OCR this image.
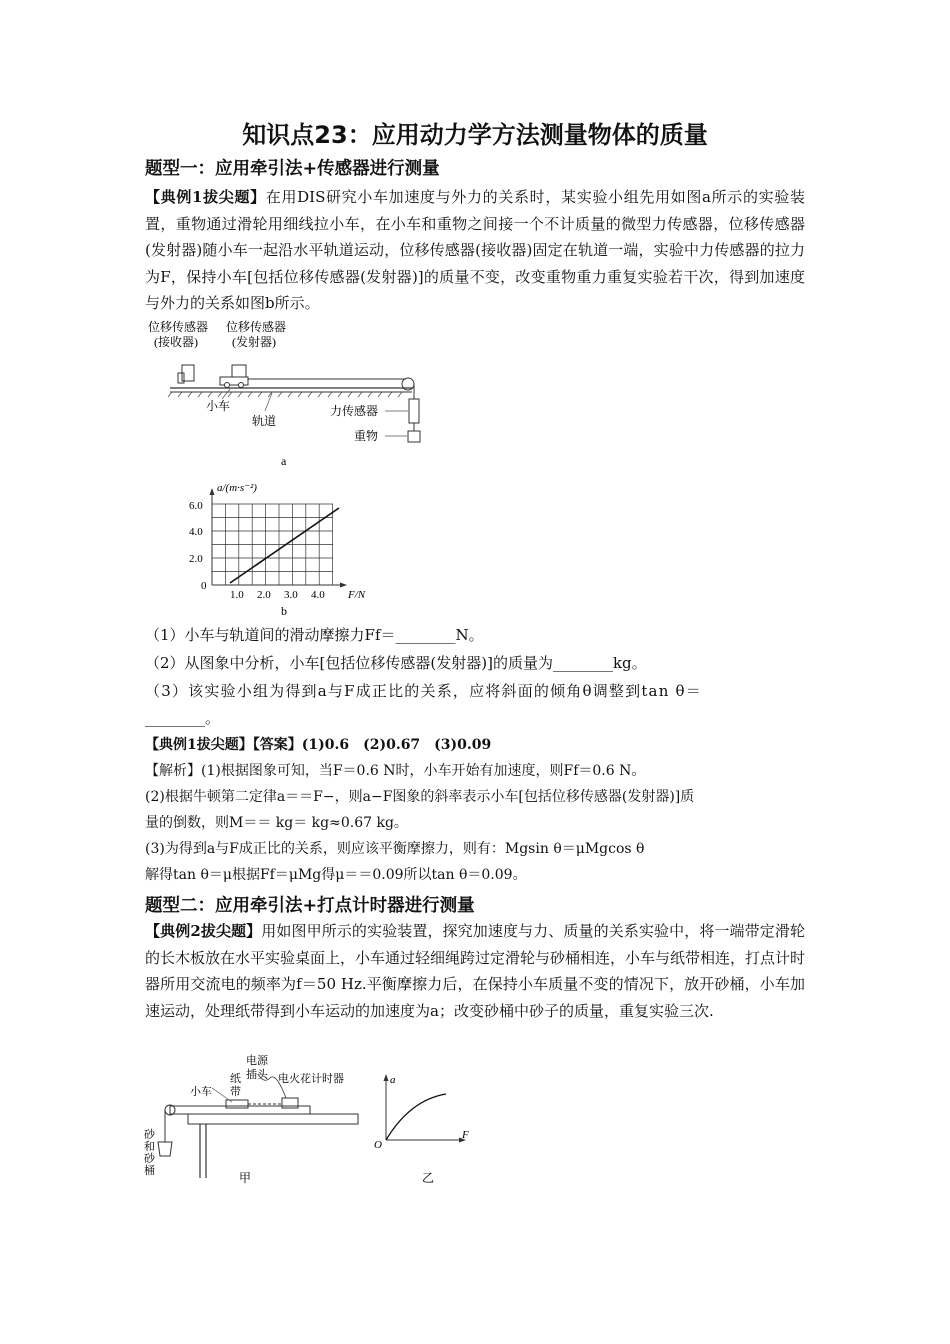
知识点23：应用动力学方法测量物体的质量
题型一：应用牵引法+传感器进行测量
【典例1拔尖题】在用DIS研究小车加速度与外力的关系时，某实验小组先用如图a所示的实验装置，重物通过滑轮用细线拉小车，在小车和重物之间接一个不计质量的微型力传感器，位移传感器(发射器)随小车一起沿水平轨道运动，位移传感器(接收器)固定在轨道一端，实验中力传感器的拉力为F，保持小车[包括位移传感器(发射器)]的质量不变，改变重物重力重复实验若干次，得到加速度与外力的关系如图b所示。
位移传感器
(接收器)
位移传感器
(发射器)
小车
轨道
力传感器
重物
a
a/(m·s⁻²)
6.0
4.0
2.0
0
1.0 2.0 3.0 4.0 F/N
b
（1）小车与轨道间的滑动摩擦力Ff＝________N。
（2）从图象中分析，小车[包括位移传感器(发射器)]的质量为________kg。
（3）该实验小组为得到a与F成正比的关系，应将斜面的倾角θ调整到tan θ＝
________。
【典例1拔尖题】【答案】(1)0.6　(2)0.67　(3)0.09
【解析】(1)根据图象可知，当F＝0.6 N时，小车开始有加速度，则Ff＝0.6 N。
(2)根据牛顿第二定律a＝＝F−，则a−F图象的斜率表示小车[包括位移传感器(发射器)]质
量的倒数，则M＝＝ kg＝ kg≈0.67 kg。
(3)为得到a与F成正比的关系，则应该平衡摩擦力，则有：Mgsin θ＝μMgcos θ
解得tan θ＝μ根据Ff＝μMg得μ＝＝0.09所以tan θ＝0.09。
题型二：应用牵引法+打点计时器进行测量
【典例2拔尖题】用如图甲所示的实验装置，探究加速度与力、质量的关系实验中，将一端带定滑轮的长木板放在水平实验桌面上，小车通过轻细绳跨过定滑轮与砂桶相连，小车与纸带相连，打点计时器所用交流电的频率为f＝50 Hz.平衡摩擦力后，在保持小车质量不变的情况下，放开砂桶，小车加速运动，处理纸带得到小车运动的加速度为a；改变砂桶中砂子的质量，重复实验三次.
电源
插头
纸
带
小车
电火花计时器
砂
和
砂
桶	甲
a
F
O
乙
